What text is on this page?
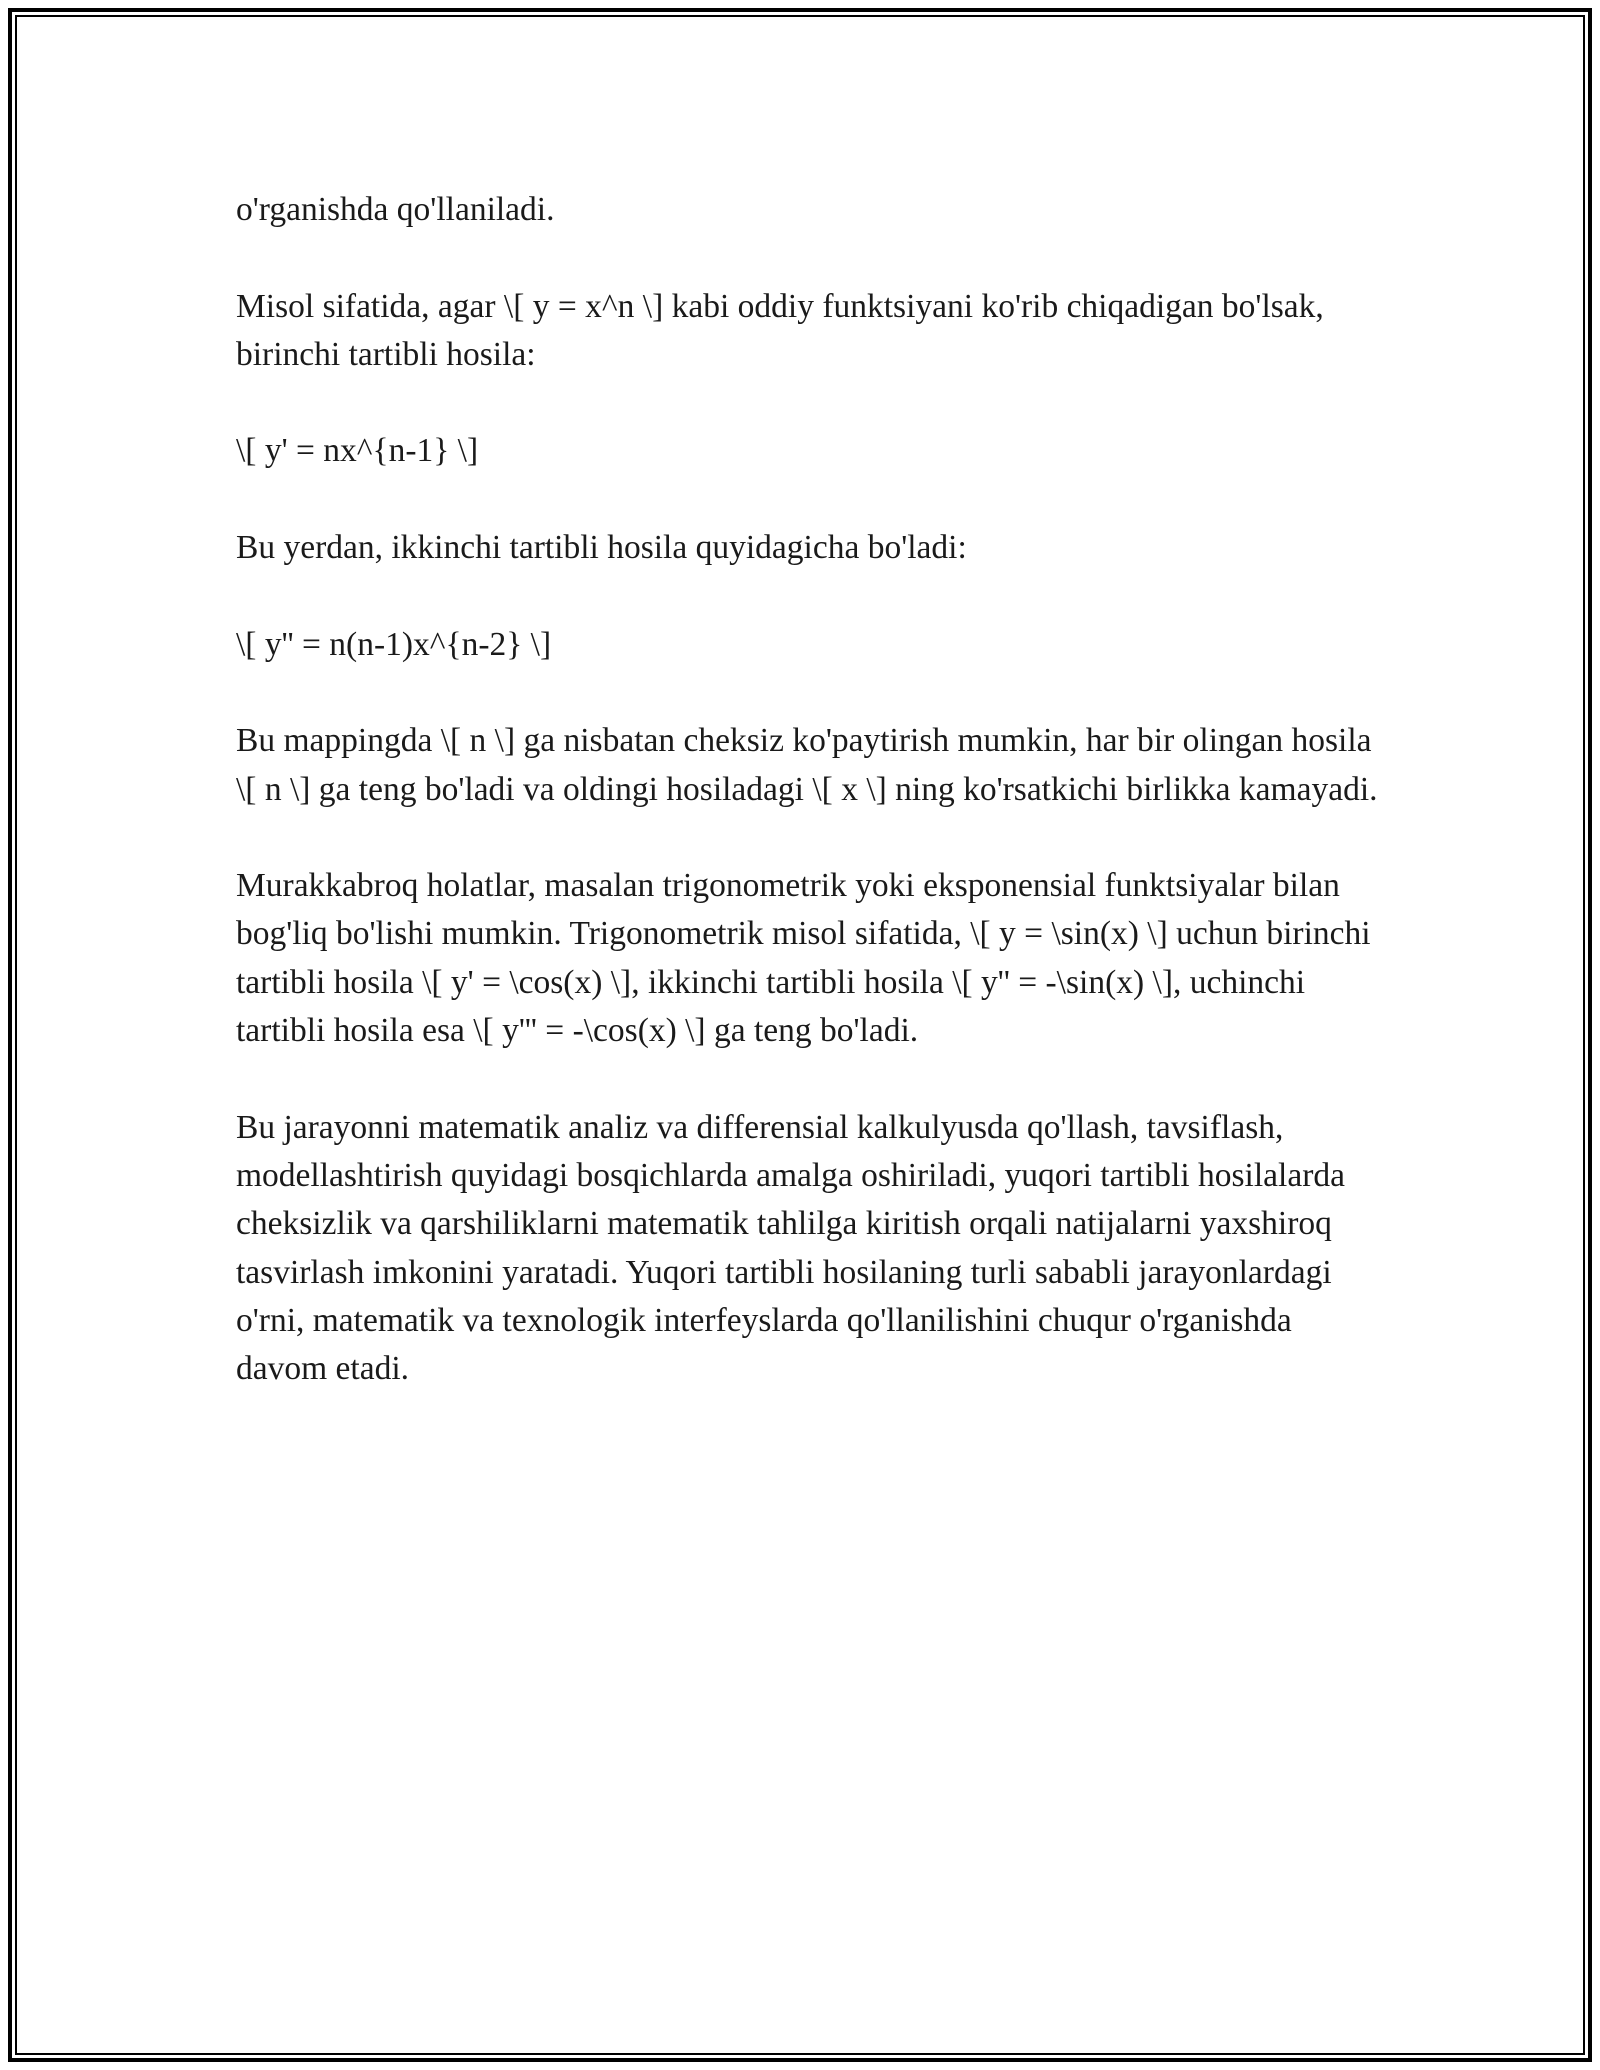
o'rganishda qo'llaniladi.

Misol sifatida, agar \[ y = x^n \] kabi oddiy funktsiyani ko'rib chiqadigan bo'lsak, birinchi tartibli hosila:

\[ y' = nx^{n-1} \]

Bu yerdan, ikkinchi tartibli hosila quyidagicha bo'ladi:

\[ y'' = n(n-1)x^{n-2} \]

Bu mappingda \[ n \] ga nisbatan cheksiz ko'paytirish mumkin, har bir olingan hosila \[ n \] ga teng bo'ladi va oldingi hosiladagi \[ x \] ning ko'rsatkichi birlikka kamayadi.

Murakkabroq holatlar, masalan trigonometrik yoki eksponensial funktsiyalar bilan bog'liq bo'lishi mumkin. Trigonometrik misol sifatida, \[ y = \sin(x) \] uchun birinchi tartibli hosila \[ y' = \cos(x) \], ikkinchi tartibli hosila \[ y'' = -\sin(x) \], uchinchi tartibli hosila esa \[ y''' = -\cos(x) \] ga teng bo'ladi.

Bu jarayonni matematik analiz va differensial kalkulyusda qo'llash, tavsiflash, modellashtirish quyidagi bosqichlarda amalga oshiriladi, yuqori tartibli hosilalarda cheksizlik va qarshiliklarni matematik tahlilga kiritish orqali natijalarni yaxshiroq tasvirlash imkonini yaratadi. Yuqori tartibli hosilaning turli sababli jarayonlardagi o'rni, matematik va texnologik interfeyslarda qo'llanilishini chuqur o'rganishda davom etadi.
